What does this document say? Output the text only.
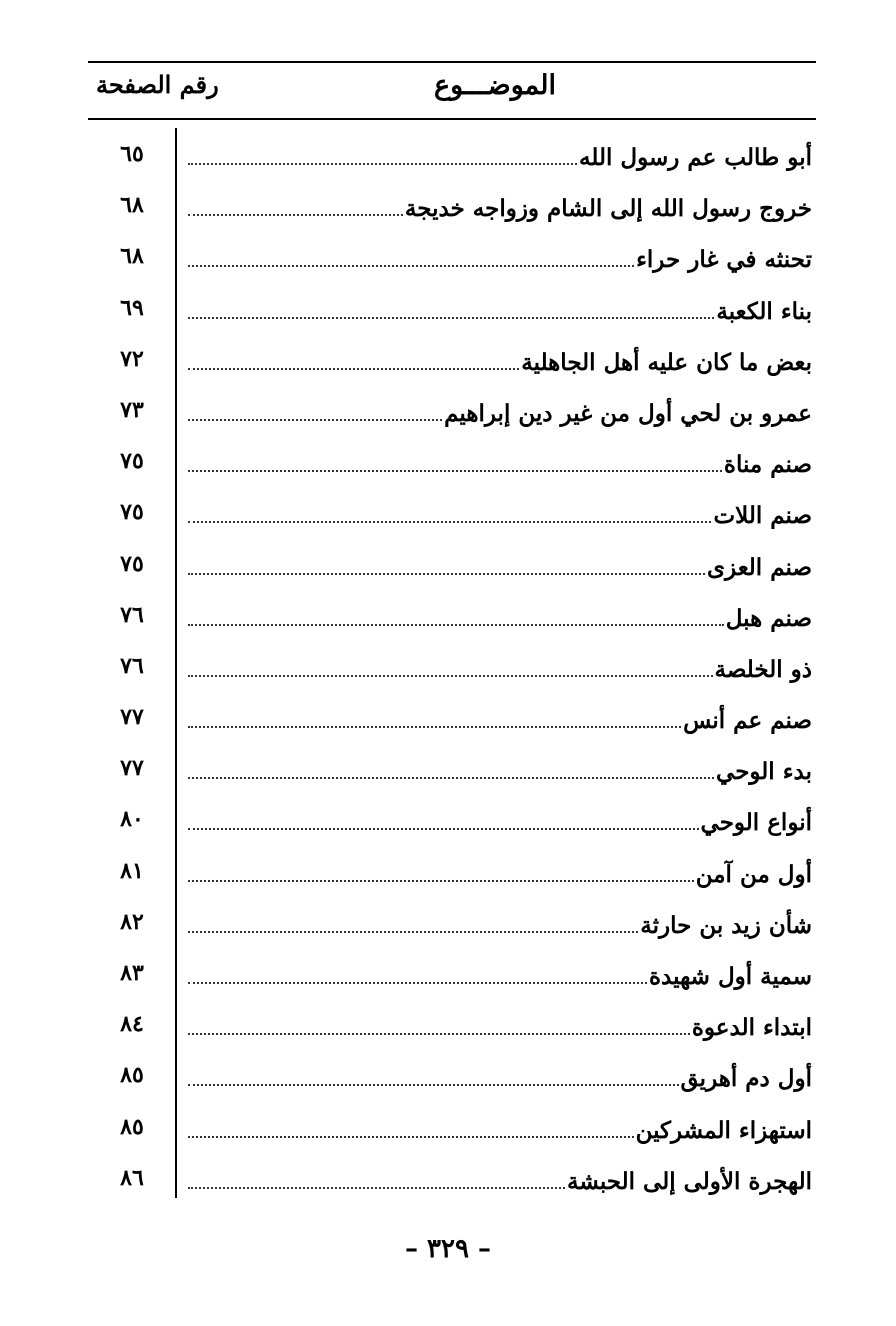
الموضـــوع
رقم الصفحة
أبو طالب عم رسول الله
٦٥
خروج رسول الله إلى الشام وزواجه خديجة
٦٨
تحنثه في غار حراء
٦٨
بناء الكعبة
٦٩
بعض ما كان عليه أهل الجاهلية
٧٢
عمرو بن لحي أول من غير دين إبراهيم
٧٣
صنم مناة
٧٥
صنم اللات
٧٥
صنم العزى
٧٥
صنم هبل
٧٦
ذو الخلصة
٧٦
صنم عم أنس
٧٧
بدء الوحي
٧٧
أنواع الوحي
٨٠
أول من آمن
٨١
شأن زيد بن حارثة
٨٢
سمية أول شهيدة
٨٣
ابتداء الدعوة
٨٤
أول دم أهريق
٨٥
استهزاء المشركين
٨٥
الهجرة الأولى إلى الحبشة
٨٦
– ٣٢٩ –
